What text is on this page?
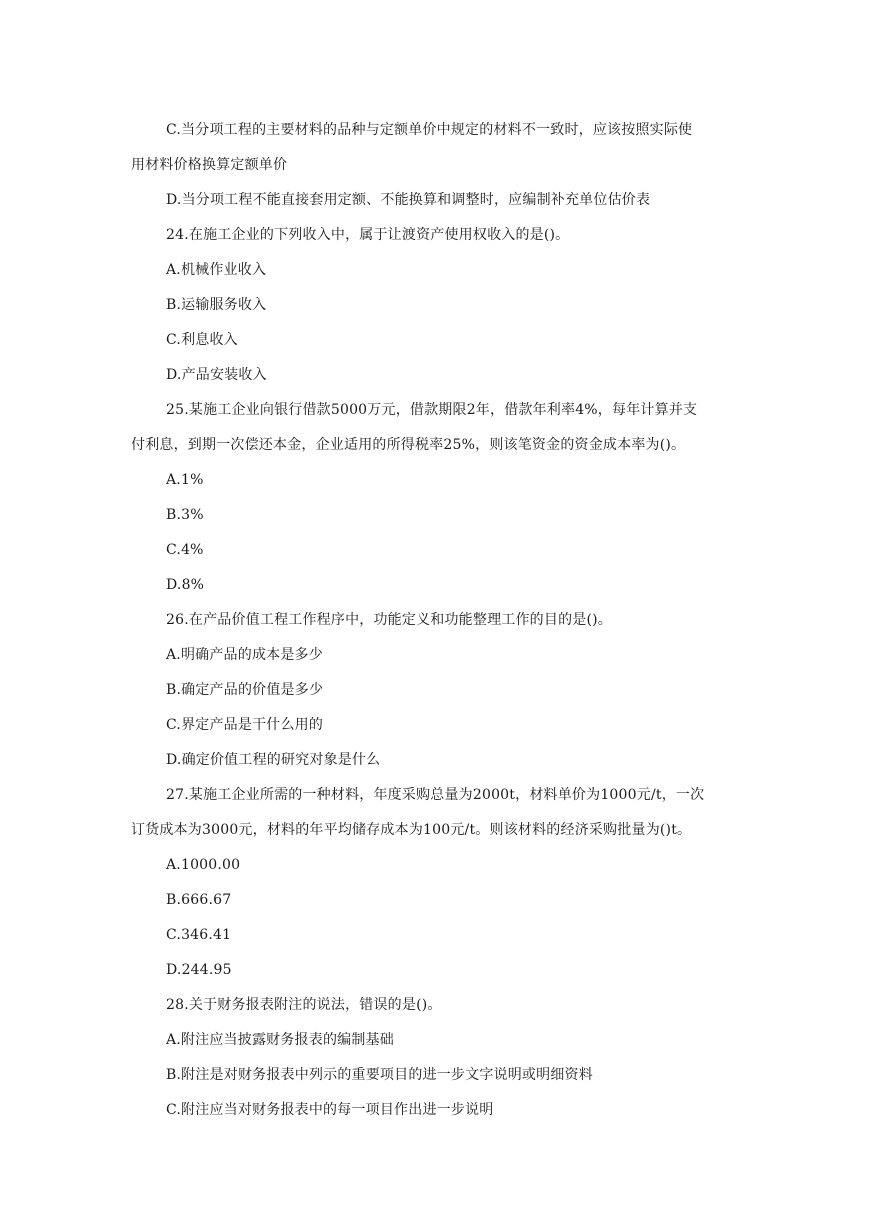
C.当分项工程的主要材料的品种与定额单价中规定的材料不一致时，应该按照实际使
用材料价格换算定额单价
D.当分项工程不能直接套用定额、不能换算和调整时，应编制补充单位估价表
24.在施工企业的下列收入中，属于让渡资产使用权收入的是()。
A.机械作业收入
B.运输服务收入
C.利息收入
D.产品安装收入
25.某施工企业向银行借款5000万元，借款期限2年，借款年利率4%，每年计算并支
付利息，到期一次偿还本金，企业适用的所得税率25%，则该笔资金的资金成本率为()。
A.1%
B.3%
C.4%
D.8%
26.在产品价值工程工作程序中，功能定义和功能整理工作的目的是()。
A.明确产品的成本是多少
B.确定产品的价值是多少
C.界定产品是干什么用的
D.确定价值工程的研究对象是什么
27.某施工企业所需的一种材料，年度采购总量为2000t，材料单价为1000元/t，一次
订货成本为3000元，材料的年平均储存成本为100元/t。则该材料的经济采购批量为()t。
A.1000.00
B.666.67
C.346.41
D.244.95
28.关于财务报表附注的说法，错误的是()。
A.附注应当披露财务报表的编制基础
B.附注是对财务报表中列示的重要项目的进一步文字说明或明细资料
C.附注应当对财务报表中的每一项目作出进一步说明
